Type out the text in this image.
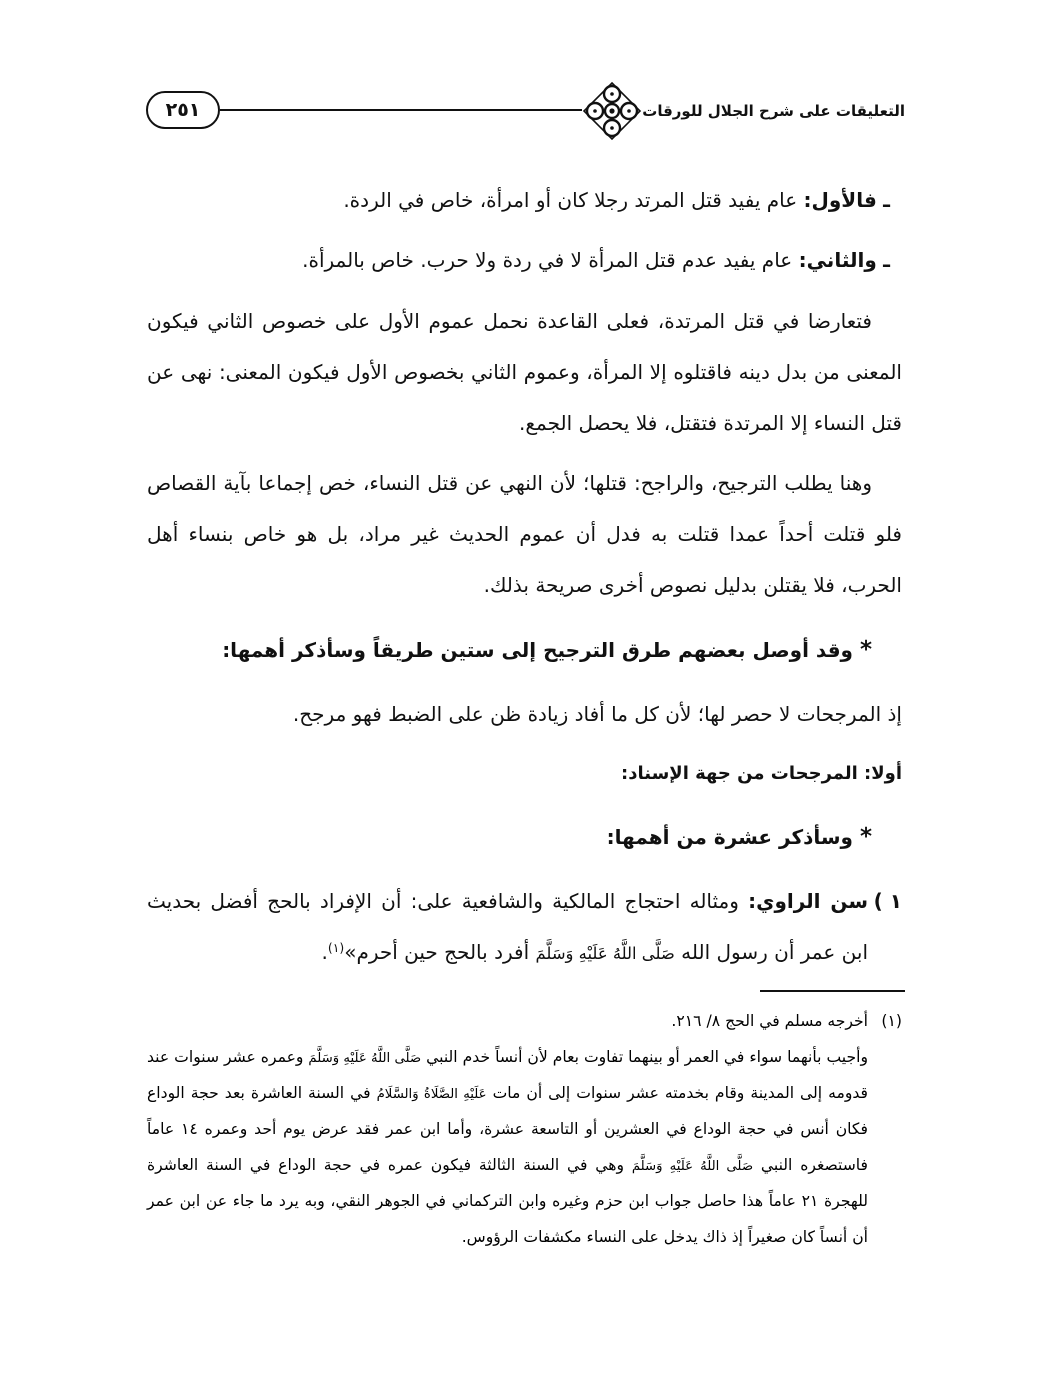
التعليقات على شرح الجلال للورقات
٢٥١

ـ فالأول: عام يفيد قتل المرتد رجلا كان أو امرأة، خاص في الردة.

ـ والثاني: عام يفيد عدم قتل المرأة لا في ردة ولا حرب. خاص بالمرأة.

فتعارضا في قتل المرتدة، فعلى القاعدة نحمل عموم الأول على خصوص الثاني فيكون المعنى من بدل دينه فاقتلوه إلا المرأة، وعموم الثاني بخصوص الأول فيكون المعنى: نهى عن قتل النساء إلا المرتدة فتقتل، فلا يحصل الجمع.

وهنا يطلب الترجيح، والراجح: قتلها؛ لأن النهي عن قتل النساء، خص إجماعا بآية القصاص فلو قتلت أحداً عمدا قتلت به فدل أن عموم الحديث غير مراد، بل هو خاص بنساء أهل الحرب، فلا يقتلن بدليل نصوص أخرى صريحة بذلك.

* وقد أوصل بعضهم طرق الترجيح إلى ستين طريقاً وسأذكر أهمها:

إذ المرجحات لا حصر لها؛ لأن كل ما أفاد زيادة ظن على الضبط فهو مرجح.

أولا: المرجحات من جهة الإسناد:

* وسأذكر عشرة من أهمها:

١ )
سن الراوي: ومثاله احتجاج المالكية والشافعية على: أن الإفراد بالحج أفضل بحديث ابن عمر أن رسول الله صَلَّى اللَّهُ عَلَيْهِ وَسَلَّمَ أفرد بالحج حين أحرم»$^{(١)}$.

(١)
أخرجه مسلم في الحج ٨/ ٢١٦.
وأجيب بأنهما سواء في العمر أو بينهما تفاوت بعام لأن أنساً خدم النبي صَلَّى اللَّهُ عَلَيْهِ وَسَلَّمَ وعمره عشر سنوات عند قدومه إلى المدينة وقام بخدمته عشر سنوات إلى أن مات عَلَيْهِ الصَّلَاةُ وَالسَّلَامُ في السنة العاشرة بعد حجة الوداع فكان أنس في حجة الوداع في العشرين أو التاسعة عشرة، وأما ابن عمر فقد عرض يوم أحد وعمره ١٤ عاماً فاستصغره النبي صَلَّى اللَّهُ عَلَيْهِ وَسَلَّمَ وهي في السنة الثالثة فيكون عمره في حجة الوداع في السنة العاشرة للهجرة ٢١ عاماً هذا حاصل جواب ابن حزم وغيره وابن التركماني في الجوهر النقي، وبه يرد ما جاء عن ابن عمر أن أنساً كان صغيراً إذ ذاك يدخل على النساء مكشفات الرؤوس.
